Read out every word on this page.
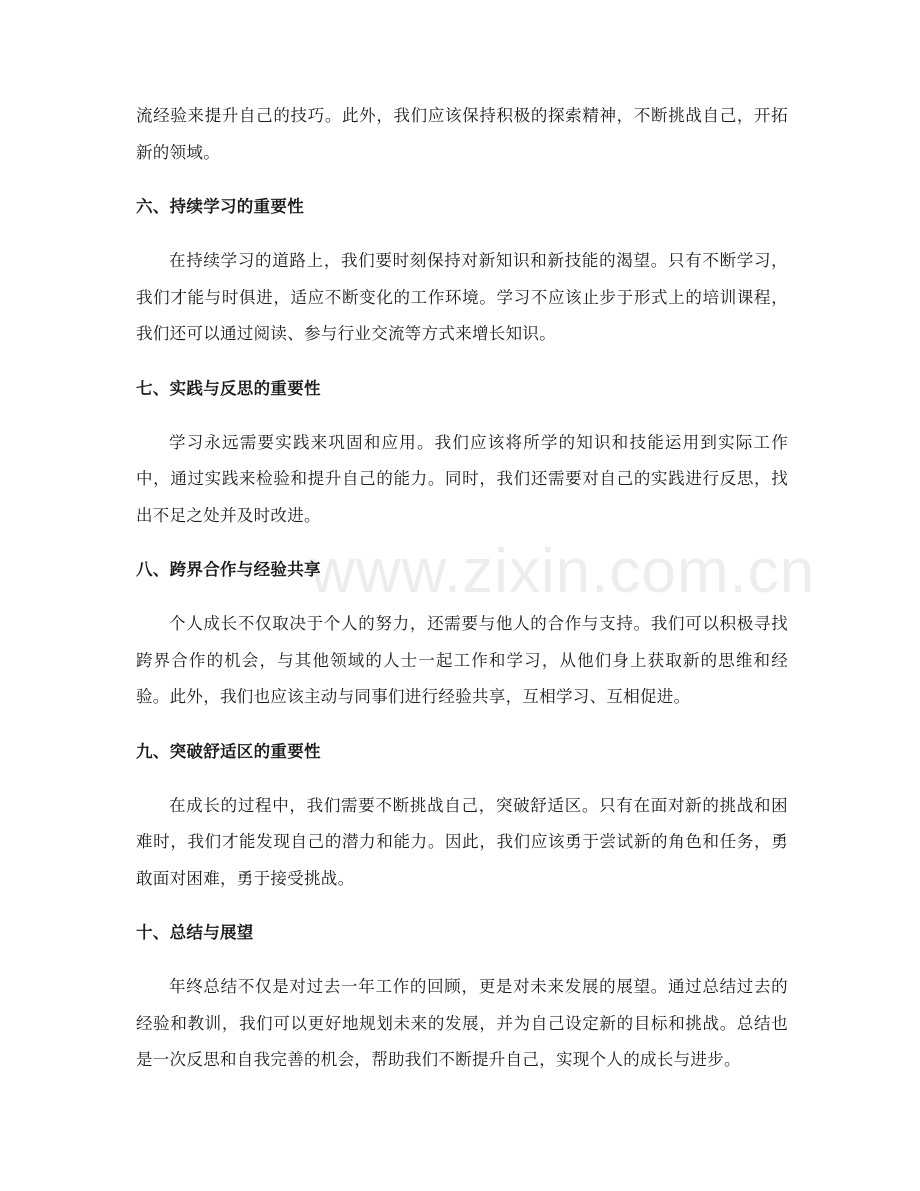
流经验来提升自己的技巧。此外，我们应该保持积极的探索精神，不断挑战自己，开拓新的领域。

六、持续学习的重要性

在持续学习的道路上，我们要时刻保持对新知识和新技能的渴望。只有不断学习，我们才能与时俱进，适应不断变化的工作环境。学习不应该止步于形式上的培训课程，我们还可以通过阅读、参与行业交流等方式来增长知识。

七、实践与反思的重要性

学习永远需要实践来巩固和应用。我们应该将所学的知识和技能运用到实际工作中，通过实践来检验和提升自己的能力。同时，我们还需要对自己的实践进行反思，找出不足之处并及时改进。

八、跨界合作与经验共享

个人成长不仅取决于个人的努力，还需要与他人的合作与支持。我们可以积极寻找跨界合作的机会，与其他领域的人士一起工作和学习，从他们身上获取新的思维和经验。此外，我们也应该主动与同事们进行经验共享，互相学习、互相促进。

九、突破舒适区的重要性

在成长的过程中，我们需要不断挑战自己，突破舒适区。只有在面对新的挑战和困难时，我们才能发现自己的潜力和能力。因此，我们应该勇于尝试新的角色和任务，勇敢面对困难，勇于接受挑战。

十、总结与展望

年终总结不仅是对过去一年工作的回顾，更是对未来发展的展望。通过总结过去的经验和教训，我们可以更好地规划未来的发展，并为自己设定新的目标和挑战。总结也是一次反思和自我完善的机会，帮助我们不断提升自己，实现个人的成长与进步。

www.zixin.com.cn
